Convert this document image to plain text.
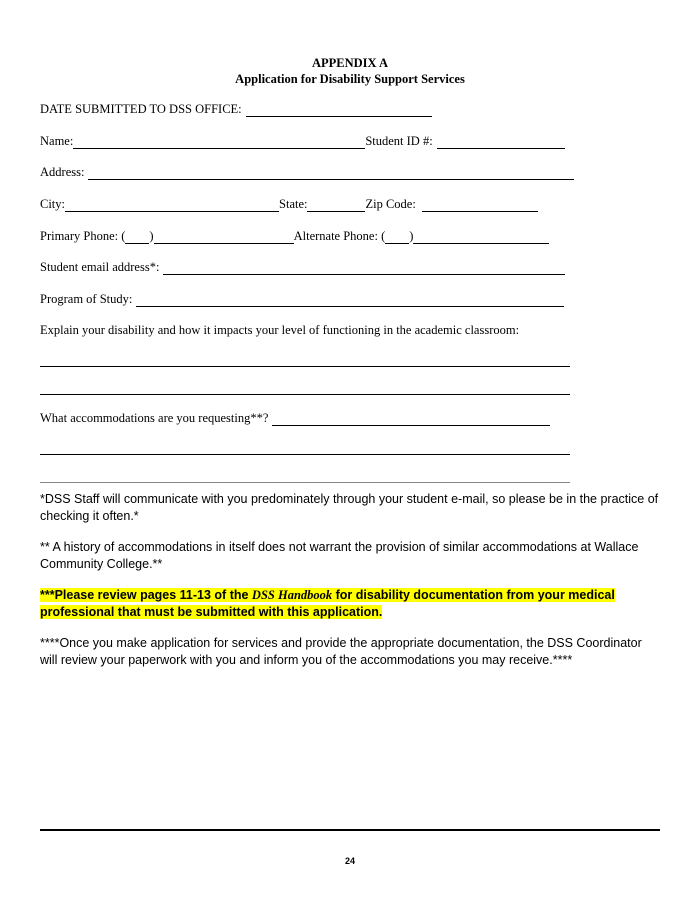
APPENDIX A
Application for Disability Support Services
DATE SUBMITTED TO DSS OFFICE:
Name:	Student ID #:
Address:
City:	State:	Zip Code:
Primary Phone: ( )	Alternate Phone: ( )
Student email address*:
Program of Study:
Explain your disability and how it impacts your level of functioning in the academic classroom:
What accommodations are you requesting**?
*DSS Staff will communicate with you predominately through your student e-mail, so please be in the practice of checking it often.*
** A history of accommodations in itself does not warrant the provision of similar accommodations at Wallace Community College.**
***Please review pages 11-13 of the DSS Handbook for disability documentation from your medical
professional that must be submitted with this application.
****Once you make application for services and provide the appropriate documentation, the DSS Coordinator will review your paperwork with you and inform you of the accommodations you may receive.****
24
